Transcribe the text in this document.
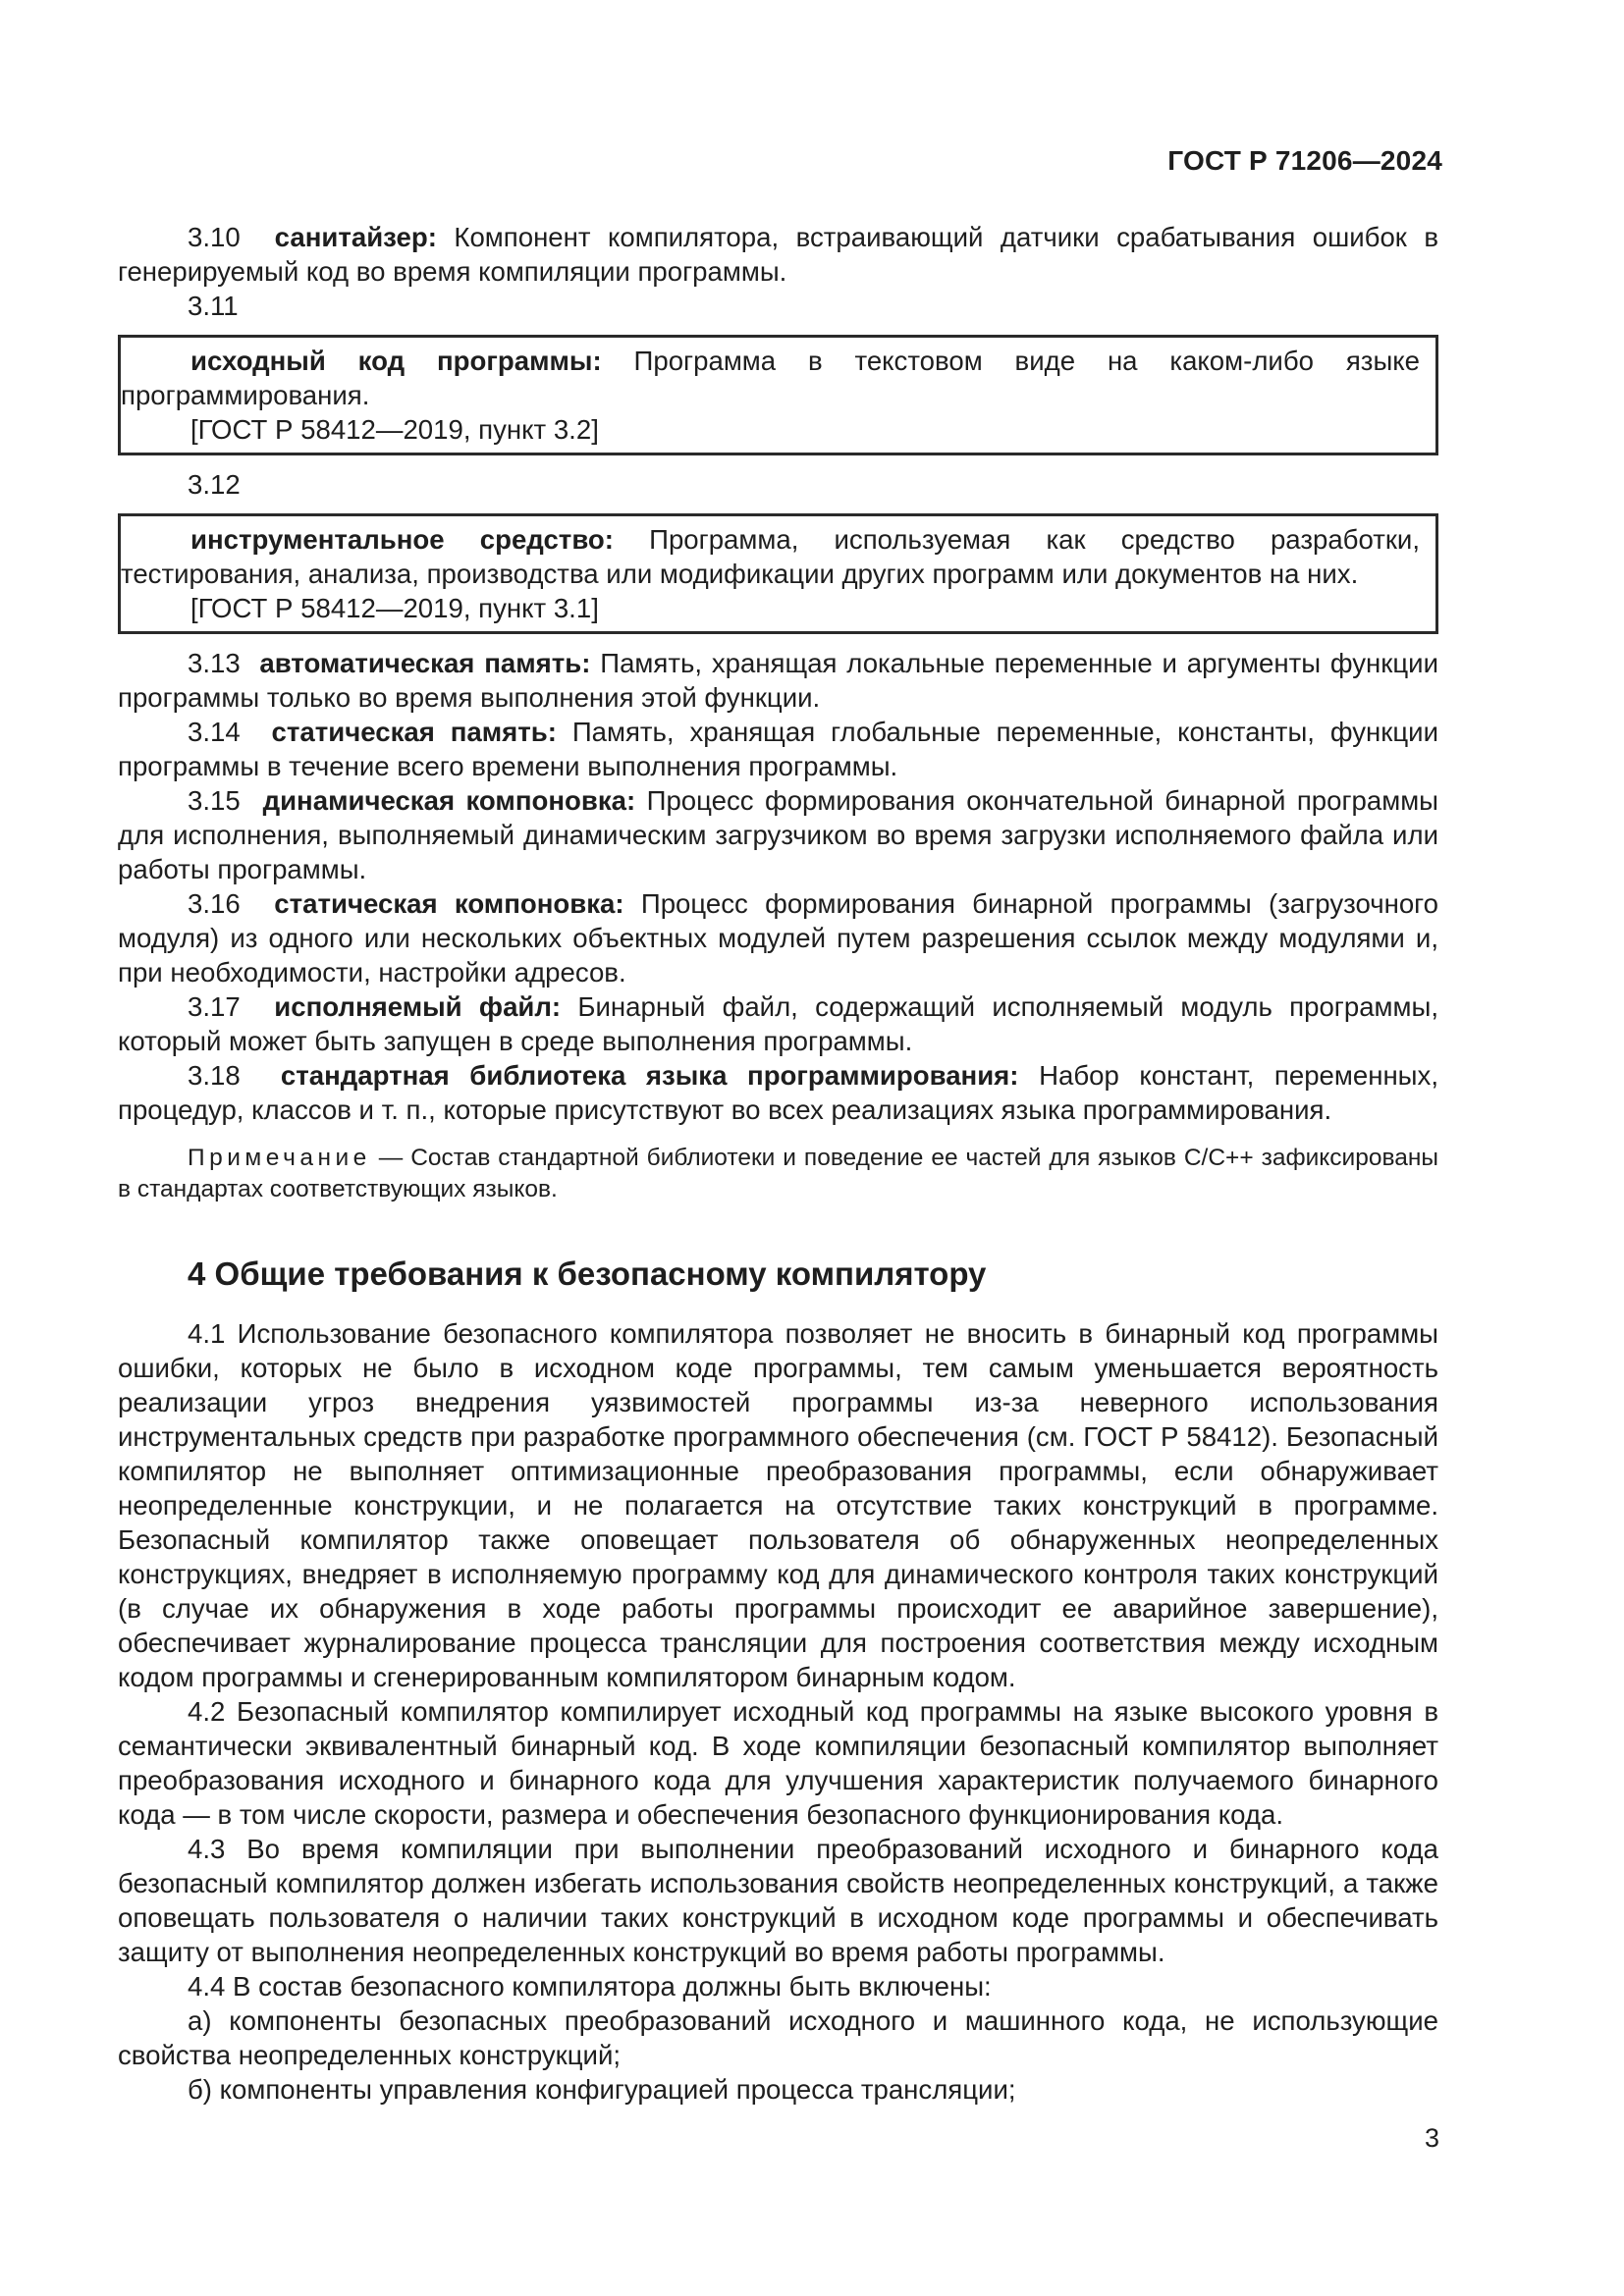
ГОСТ Р 71206—2024

3.10 санитайзер: Компонент компилятора, встраивающий датчики срабатывания ошибок в генерируемый код во время компиляции программы.

3.11

исходный код программы: Программа в текстовом виде на каком-либо языке программирования.

[ГОСТ Р 58412—2019, пункт 3.2]

3.12

инструментальное средство: Программа, используемая как средство разработки, тестирования, анализа, производства или модификации других программ или документов на них.

[ГОСТ Р 58412—2019, пункт 3.1]

3.13 автоматическая память: Память, хранящая локальные переменные и аргументы функции программы только во время выполнения этой функции.

3.14 статическая память: Память, хранящая глобальные переменные, константы, функции программы в течение всего времени выполнения программы.

3.15 динамическая компоновка: Процесс формирования окончательной бинарной программы для исполнения, выполняемый динамическим загрузчиком во время загрузки исполняемого файла или работы программы.

3.16 статическая компоновка: Процесс формирования бинарной программы (загрузочного модуля) из одного или нескольких объектных модулей путем разрешения ссылок между модулями и, при необходимости, настройки адресов.

3.17 исполняемый файл: Бинарный файл, содержащий исполняемый модуль программы, который может быть запущен в среде выполнения программы.

3.18 стандартная библиотека языка программирования: Набор констант, переменных, процедур, классов и т. п., которые присутствуют во всех реализациях языка программирования.

Примечание — Состав стандартной библиотеки и поведение ее частей для языков С/С++ зафиксированы в стандартах соответствующих языков.

4 Общие требования к безопасному компилятору

4.1 Использование безопасного компилятора позволяет не вносить в бинарный код программы ошибки, которых не было в исходном коде программы, тем самым уменьшается вероятность реализации угроз внедрения уязвимостей программы из-за неверного использования инструментальных средств при разработке программного обеспечения (см. ГОСТ Р 58412). Безопасный компилятор не выполняет оптимизационные преобразования программы, если обнаруживает неопределенные конструкции, и не полагается на отсутствие таких конструкций в программе. Безопасный компилятор также оповещает пользователя об обнаруженных неопределенных конструкциях, внедряет в исполняемую программу код для динамического контроля таких конструкций (в случае их обнаружения в ходе работы программы происходит ее аварийное завершение), обеспечивает журналирование процесса трансляции для построения соответствия между исходным кодом программы и сгенерированным компилятором бинарным кодом.

4.2 Безопасный компилятор компилирует исходный код программы на языке высокого уровня в семантически эквивалентный бинарный код. В ходе компиляции безопасный компилятор выполняет преобразования исходного и бинарного кода для улучшения характеристик получаемого бинарного кода — в том числе скорости, размера и обеспечения безопасного функционирования кода.

4.3 Во время компиляции при выполнении преобразований исходного и бинарного кода безопасный компилятор должен избегать использования свойств неопределенных конструкций, а также оповещать пользователя о наличии таких конструкций в исходном коде программы и обеспечивать защиту от выполнения неопределенных конструкций во время работы программы.

4.4 В состав безопасного компилятора должны быть включены:

а) компоненты безопасных преобразований исходного и машинного кода, не использующие свойства неопределенных конструкций;

б) компоненты управления конфигурацией процесса трансляции;

3
